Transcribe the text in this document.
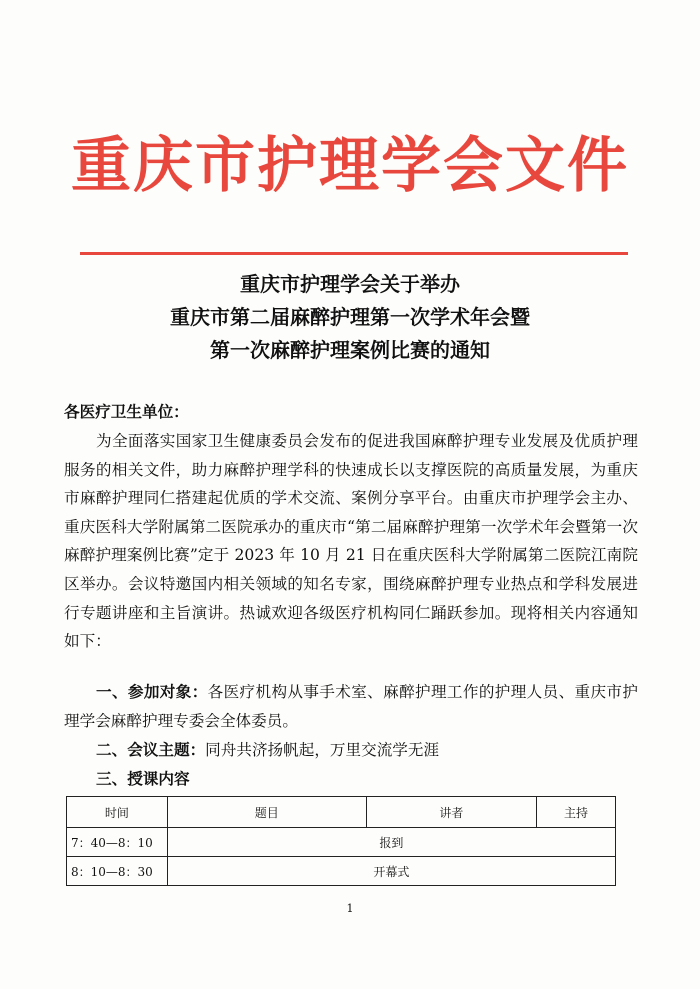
重庆市护理学会文件
重庆市护理学会关于举办
重庆市第二届麻醉护理第一次学术年会暨
第一次麻醉护理案例比赛的通知
各医疗卫生单位：
为全面落实国家卫生健康委员会发布的促进我国麻醉护理专业发展及优质护理服务的相关文件，助力麻醉护理学科的快速成长以支撑医院的高质量发展，为重庆市麻醉护理同仁搭建起优质的学术交流、案例分享平台。由重庆市护理学会主办、重庆医科大学附属第二医院承办的重庆市“第二届麻醉护理第一次学术年会暨第一次麻醉护理案例比赛”定于 2023 年 10 月 21 日在重庆医科大学附属第二医院江南院区举办。会议特邀国内相关领域的知名专家，围绕麻醉护理专业热点和学科发展进行专题讲座和主旨演讲。热诚欢迎各级医疗机构同仁踊跃参加。现将相关内容通知如下：
一、参加对象：各医疗机构从事手术室、麻醉护理工作的护理人员、重庆市护理学会麻醉护理专委会全体委员。
二、会议主题：同舟共济扬帆起，万里交流学无涯
三、授课内容
时间	题目	讲者	主持
7：40—8：10	报到		
8：10—8：30	开幕式		
1
